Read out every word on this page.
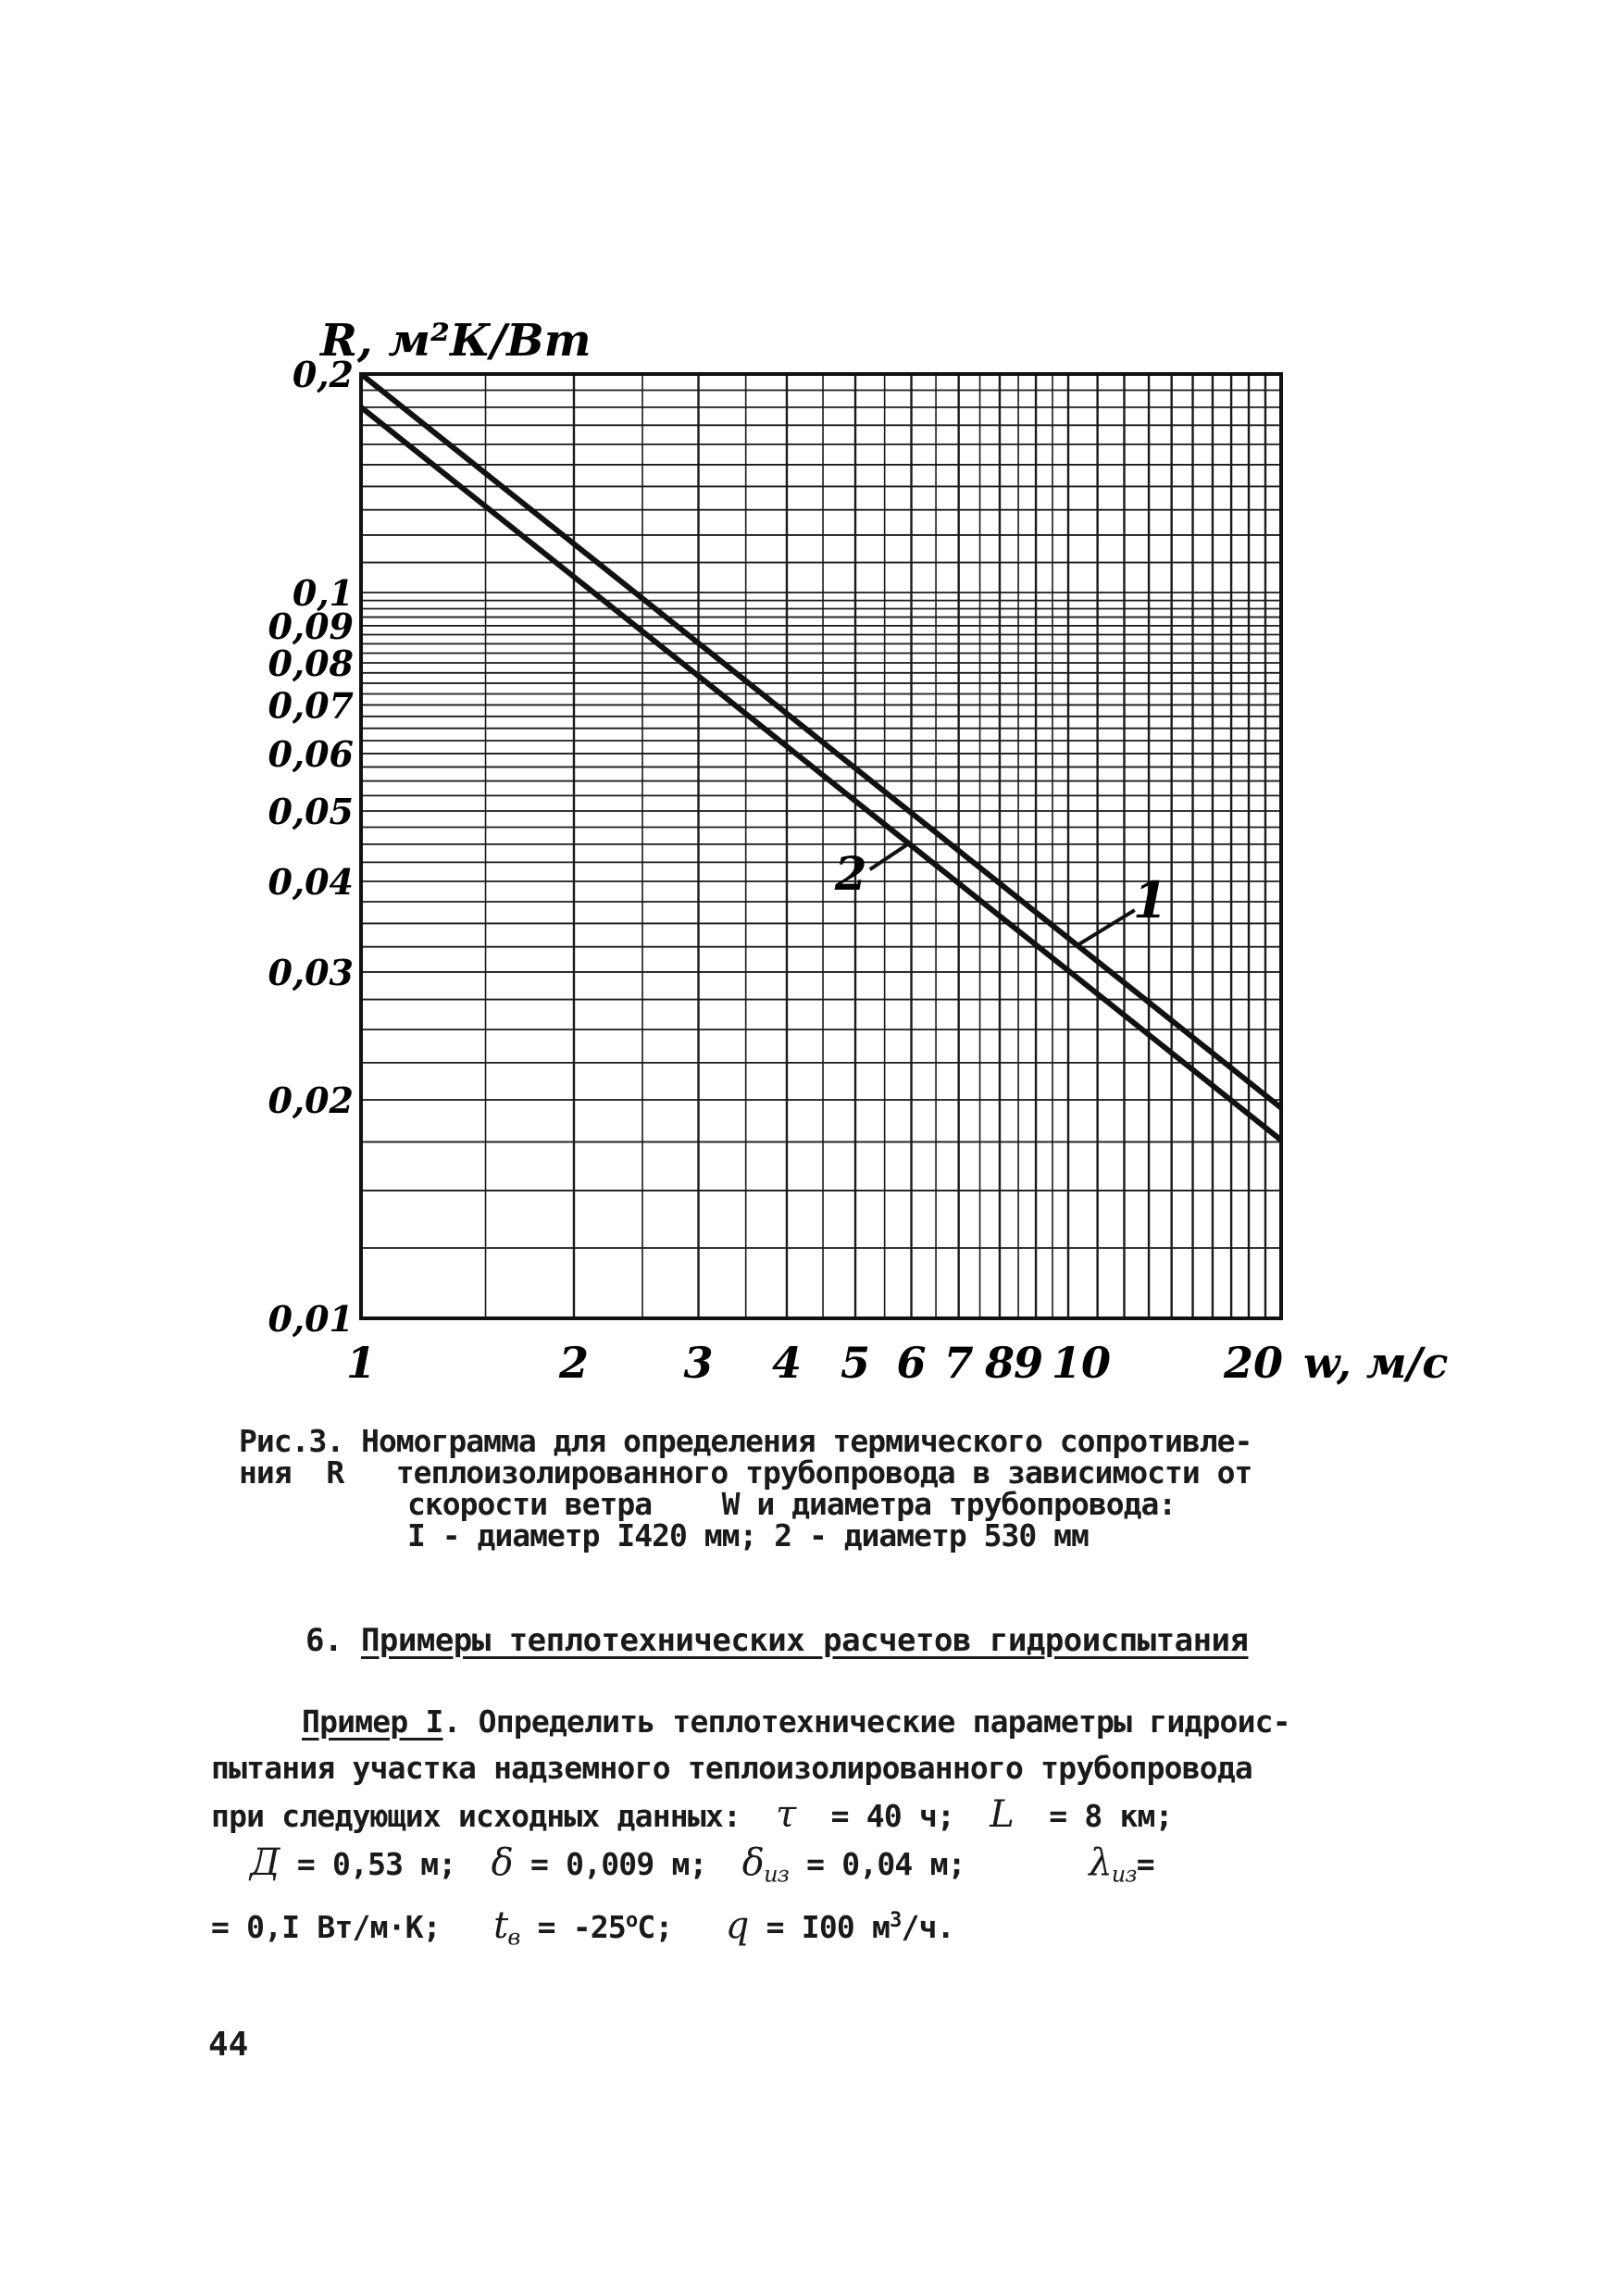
1
2
0,2
0,1
0,09
0,08
0,07
0,06
0,05
0,04
0,03
0,02
0,01
1	2 3 4 5 6 7 8 9 10	20
R, м²К/Вт
w, м/с
Рис.3. Номограмма для определения термического сопротивле-
ния  R   теплоизолированного трубопровода в зависимости от
скорости ветра    W и диаметра трубопровода:
I - диаметр I420 мм; 2 - диаметр 530 мм
6. Примеры теплотехнических расчетов гидроиспытания
Пример I. Определить теплотехнические параметры гидроис-
пытания участка надземного теплоизолированного трубопровода
при следующих исходных данных: τ = 40 ч; L = 8 км;
Д = 0,53 м; δ = 0,009 м; $\delta_{из} = 0,04$ м;	$\lambda_{из}=$
= 0,I Вт/м·К; $t_в = -25^оС$; q = I00 $м^3/ч$.
44
